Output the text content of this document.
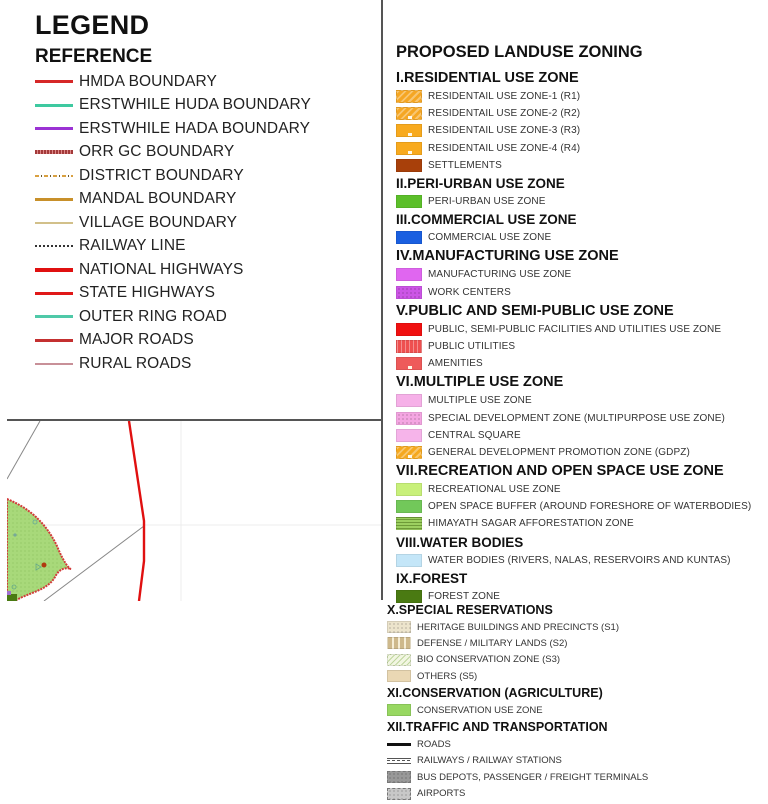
LEGEND
REFERENCE
HMDA BOUNDARY
ERSTWHILE HUDA BOUNDARY
ERSTWHILE HADA BOUNDARY
ORR GC BOUNDARY
DISTRICT BOUNDARY
MANDAL BOUNDARY
VILLAGE BOUNDARY
RAILWAY LINE
NATIONAL HIGHWAYS
STATE HIGHWAYS
OUTER RING ROAD
MAJOR ROADS
RURAL ROADS
PROPOSED LANDUSE ZONING
I.RESIDENTIAL USE ZONE
RESIDENTAIL USE ZONE-1 (R1)
RESIDENTAIL USE ZONE-2 (R2)
RESIDENTAIL USE ZONE-3 (R3)
RESIDENTAIL USE ZONE-4 (R4)
SETTLEMENTS
II.PERI-URBAN USE ZONE
PERI-URBAN USE ZONE
III.COMMERCIAL USE ZONE
COMMERCIAL USE ZONE
IV.MANUFACTURING USE ZONE
MANUFACTURING USE ZONE
WORK CENTERS
V.PUBLIC AND SEMI-PUBLIC USE ZONE
PUBLIC, SEMI-PUBLIC FACILITIES AND UTILITIES USE ZONE
PUBLIC UTILITIES
AMENITIES
VI.MULTIPLE USE ZONE
MULTIPLE USE ZONE
SPECIAL DEVELOPMENT ZONE (MULTIPURPOSE USE ZONE)
CENTRAL SQUARE
GENERAL DEVELOPMENT PROMOTION ZONE (GDPZ)
VII.RECREATION AND OPEN SPACE USE ZONE
RECREATIONAL USE ZONE
OPEN SPACE BUFFER (AROUND FORESHORE OF WATERBODIES)
HIMAYATH SAGAR AFFORESTATION ZONE
VIII.WATER BODIES
WATER BODIES (RIVERS, NALAS, RESERVOIRS AND KUNTAS)
IX.FOREST
FOREST ZONE
X.SPECIAL RESERVATIONS
HERITAGE BUILDINGS AND PRECINCTS (S1)
DEFENSE / MILITARY LANDS (S2)
BIO CONSERVATION ZONE (S3)
OTHERS (S5)
XI.CONSERVATION (AGRICULTURE)
CONSERVATION USE ZONE
XII.TRAFFIC AND TRANSPORTATION
ROADS
RAILWAYS / RAILWAY STATIONS
BUS DEPOTS, PASSENGER / FREIGHT TERMINALS
AIRPORTS
